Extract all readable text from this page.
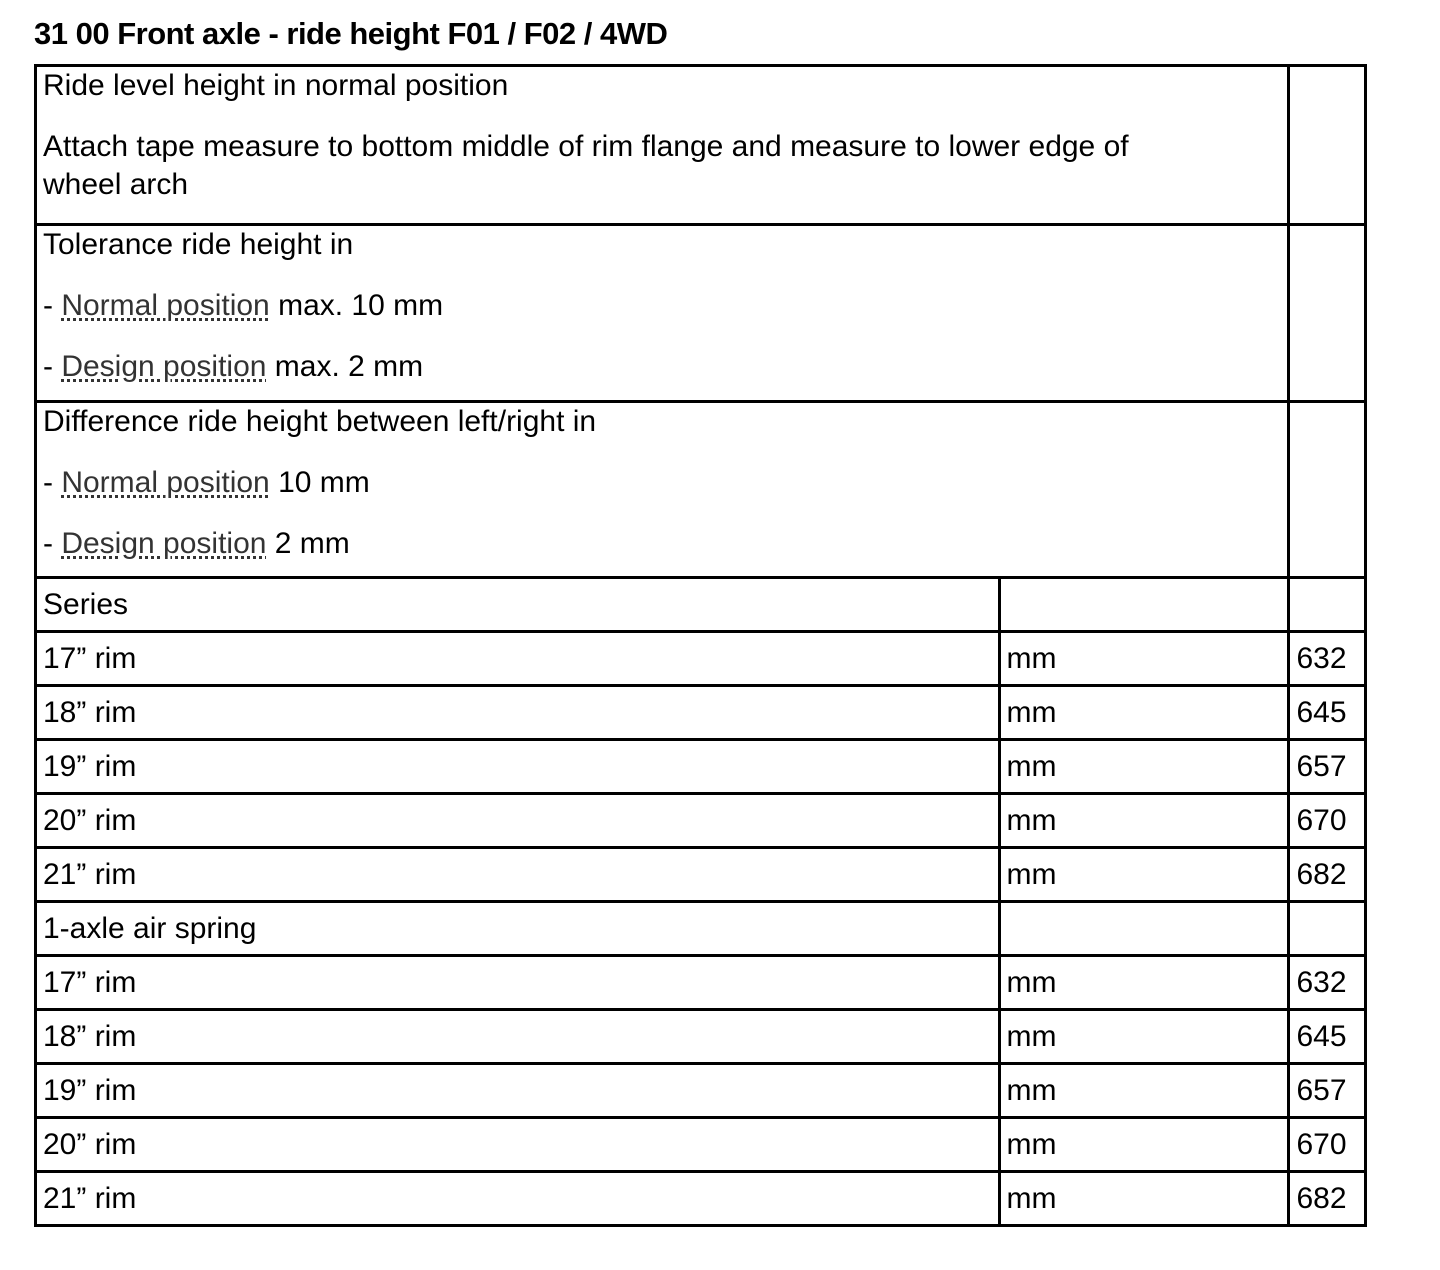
31 00 Front axle - ride height F01 / F02 / 4WD

Ride level height in normal position

Attach tape measure to bottom middle of rim flange and measure to lower edge of

wheel arch		

Tolerance ride height in

- Normal position max. 10 mm

- Design position max. 2 mm		

Difference ride height between left/right in

- Normal position 10 mm

- Design position 2 mm		

Series		
17” rim	mm	632
18” rim	mm	645
19” rim	mm	657
20” rim	mm	670
21” rim	mm	682
1-axle air spring		
17” rim	mm	632
18” rim	mm	645
19” rim	mm	657
20” rim	mm	670
21” rim	mm	682
